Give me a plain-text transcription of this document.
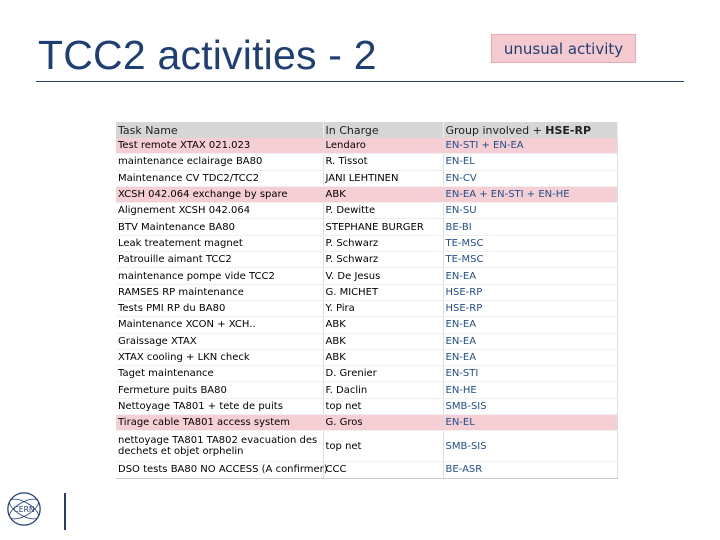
TCC2 activities - 2	unusual activity
Task Name	In Charge	Group involved + HSE-RP
Test remote XTAX 021.023	Lendaro	EN-STI + EN-EA
maintenance eclairage BA80	R. Tissot	EN-EL
Maintenance CV TDC2/TCC2	JANI LEHTINEN	EN-CV
XCSH 042.064 exchange by spare	ABK	EN-EA + EN-STI + EN-HE
Alignement XCSH 042.064	P. Dewitte	EN-SU
BTV Maintenance BA80	STEPHANE BURGER	BE-BI
Leak treatement magnet	P. Schwarz	TE-MSC
Patrouille aimant TCC2	P. Schwarz	TE-MSC
maintenance pompe vide TCC2	V. De Jesus	EN-EA
RAMSES RP maintenance	G. MICHET	HSE-RP
Tests PMI RP du BA80	Y. Pira	HSE-RP
Maintenance XCON + XCH..	ABK	EN-EA
Graissage XTAX	ABK	EN-EA
XTAX cooling + LKN check	ABK	EN-EA
Taget maintenance	D. Grenier	EN-STI
Fermeture puits BA80	F. Daclin	EN-HE
Nettoyage TA801 + tete de puits	top net	SMB-SIS
Tirage cable TA801 access system	G. Gros	EN-EL
nettoyage TA801 TA802 evacuation des dechets et objet orphelin	top net	SMB-SIS
DSO tests BA80 NO ACCESS (A confirmer)	CCC	BE-ASR
CERN
